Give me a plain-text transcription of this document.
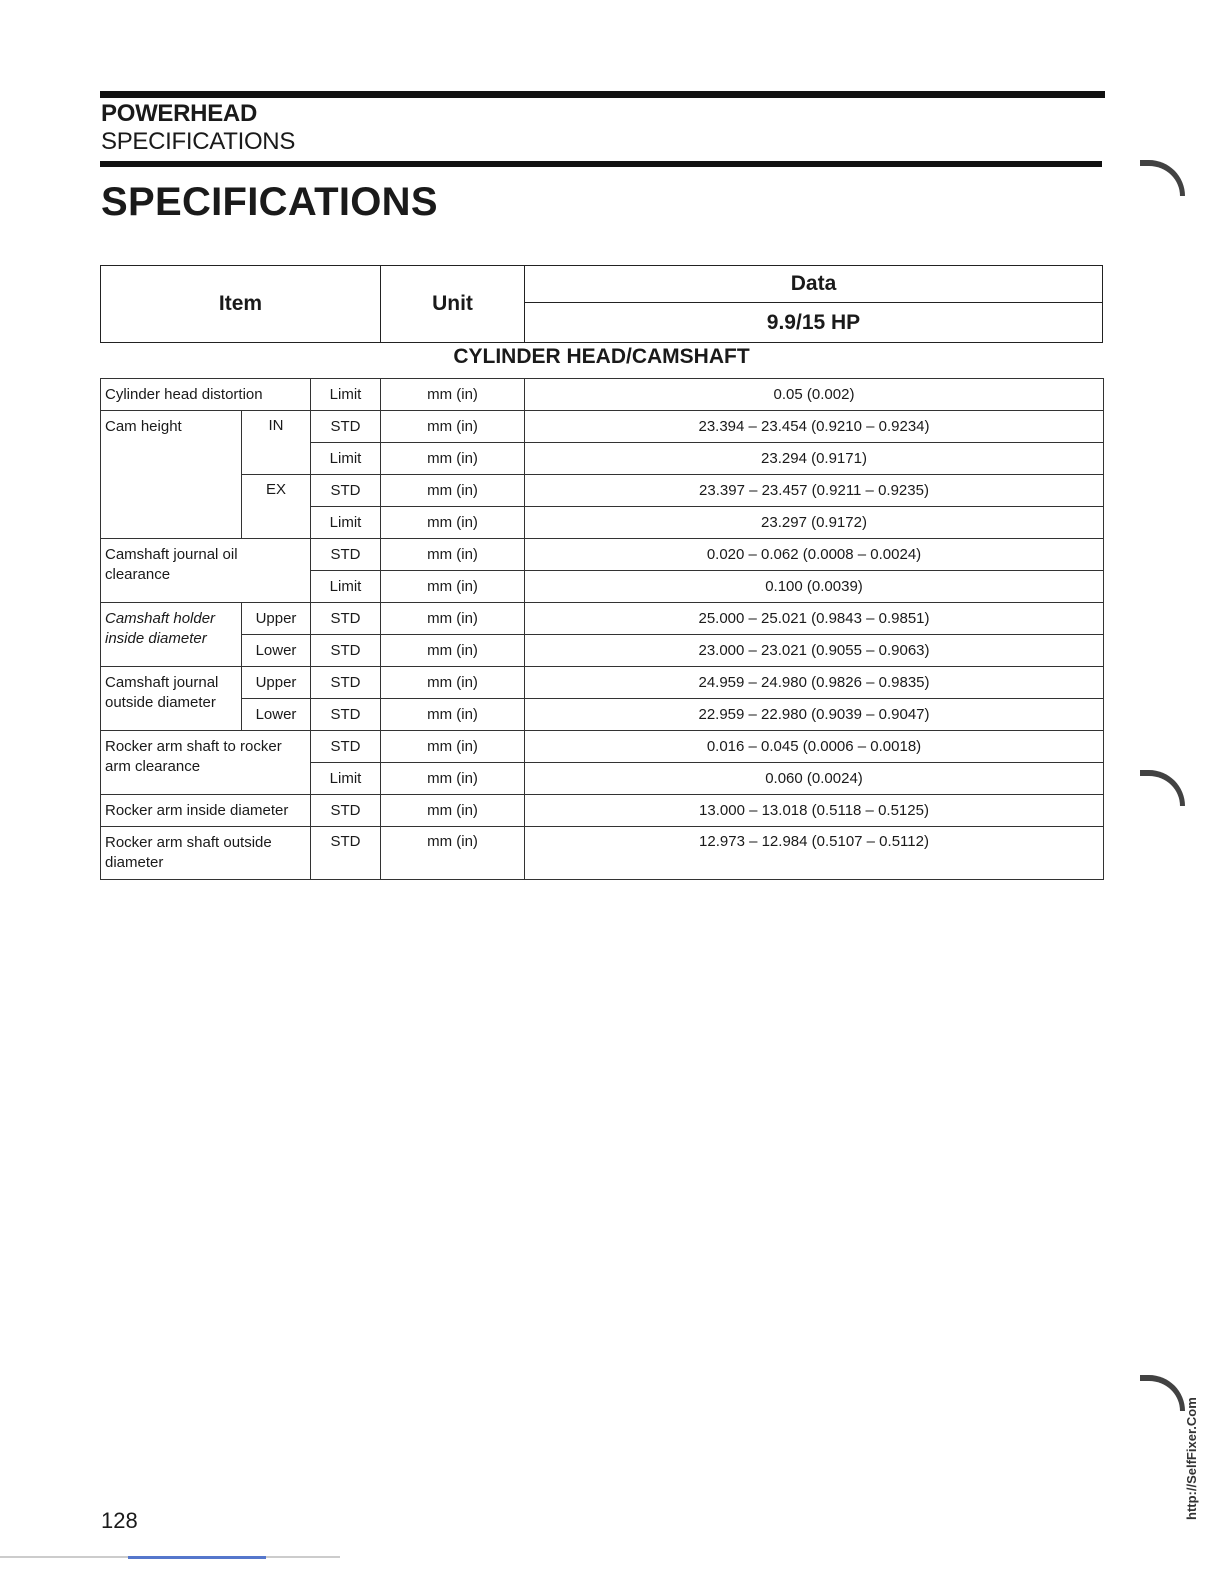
POWERHEAD
SPECIFICATIONS
SPECIFICATIONS
Item	Unit
Data
9.9/15 HP
CYLINDER HEAD/CAMSHAFT
Cylinder head distortion		Limit	mm (in)	0.05 (0.002)
Cam height	IN	STD	mm (in)	23.394 – 23.454 (0.9210 – 0.9234)
		Limit	mm (in)	23.294 (0.9171)
	EX	STD	mm (in)	23.397 – 23.457 (0.9211 – 0.9235)
		Limit	mm (in)	23.297 (0.9172)
Camshaft journal oil clearance		STD	mm (in)	0.020 – 0.062 (0.0008 – 0.0024)
		Limit	mm (in)	0.100 (0.0039)
Camshaft holder inside diameter	Upper	STD	mm (in)	25.000 – 25.021 (0.9843 – 0.9851)
	Lower	STD	mm (in)	23.000 – 23.021 (0.9055 – 0.9063)
Camshaft journal outside diameter	Upper	STD	mm (in)	24.959 – 24.980 (0.9826 – 0.9835)
	Lower	STD	mm (in)	22.959 – 22.980 (0.9039 – 0.9047)
Rocker arm shaft to rocker arm clearance		STD	mm (in)	0.016 – 0.045 (0.0006 – 0.0018)
		Limit	mm (in)	0.060 (0.0024)
Rocker arm inside diameter		STD	mm (in)	13.000 – 13.018 (0.5118 – 0.5125)
Rocker arm shaft outside diameter		STD	mm (in)	12.973 – 12.984 (0.5107 – 0.5112)
128
http://SelfFixer.Com
